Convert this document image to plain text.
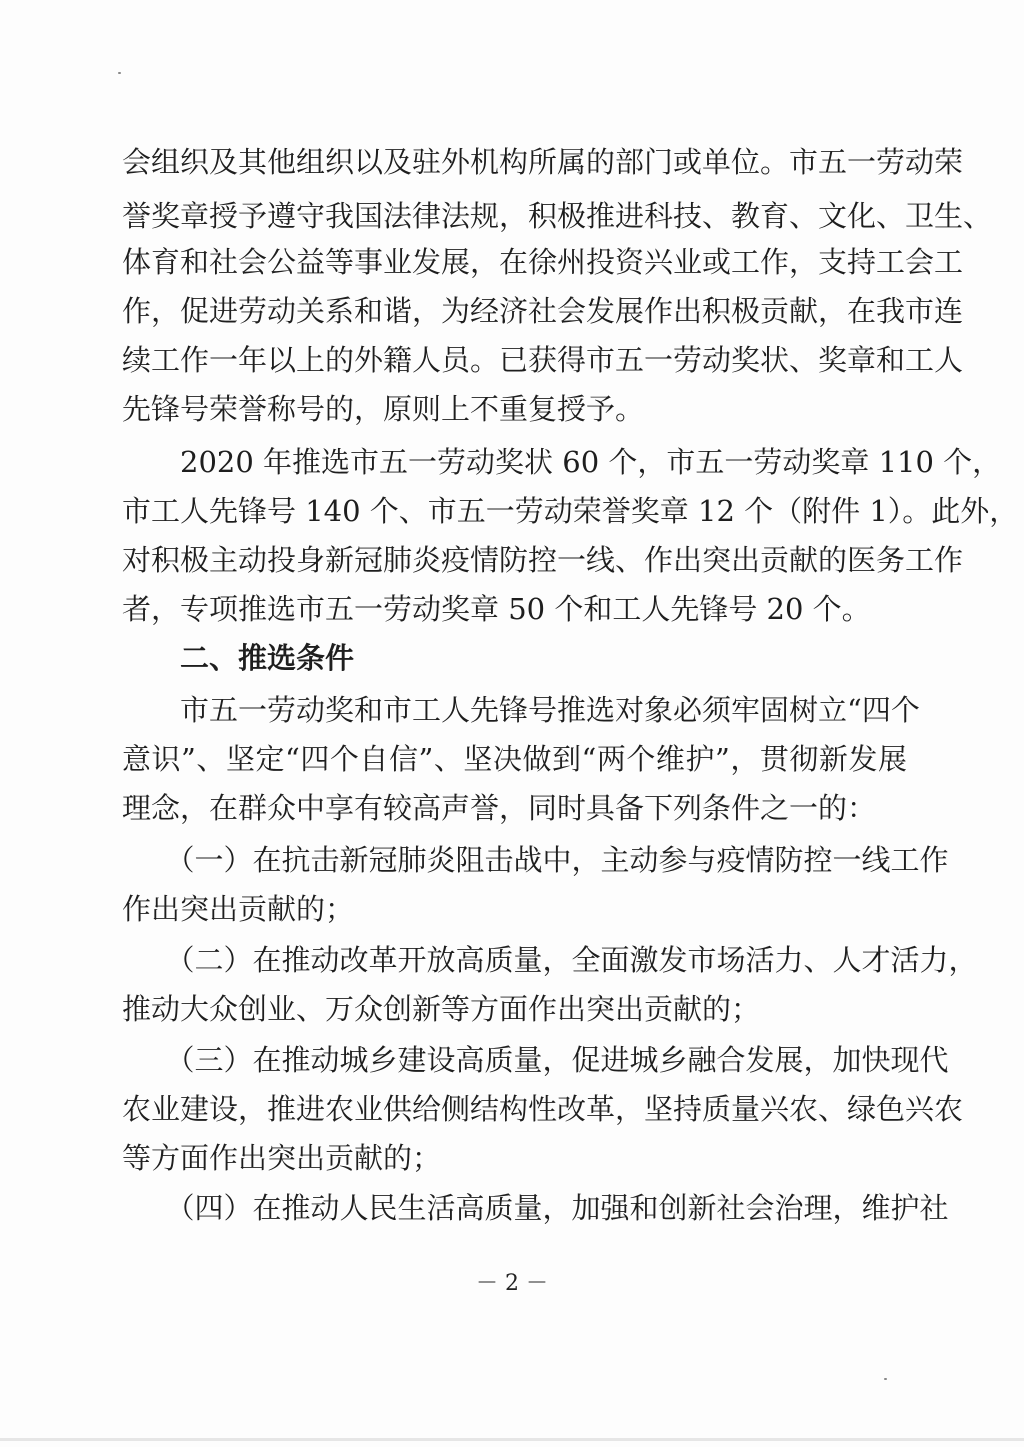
会组织及其他组织以及驻外机构所属的部门或单位。市五一劳动荣
誉奖章授予遵守我国法律法规，积极推进科技、教育、文化、卫生、
体育和社会公益等事业发展，在徐州投资兴业或工作，支持工会工
作，促进劳动关系和谐，为经济社会发展作出积极贡献，在我市连
续工作一年以上的外籍人员。已获得市五一劳动奖状、奖章和工人
先锋号荣誉称号的，原则上不重复授予。
　　2020 年推选市五一劳动奖状 60 个，市五一劳动奖章 110 个，
市工人先锋号 140 个、市五一劳动荣誉奖章 12 个（附件 1）。此外，
对积极主动投身新冠肺炎疫情防控一线、作出突出贡献的医务工作
者，专项推选市五一劳动奖章 50 个和工人先锋号 20 个。
　　二、推选条件
　　市五一劳动奖和市工人先锋号推选对象必须牢固树立“四个
意识”、坚定“四个自信”、坚决做到“两个维护”，贯彻新发展
理念，在群众中享有较高声誉，同时具备下列条件之一的：
　　（一）在抗击新冠肺炎阻击战中，主动参与疫情防控一线工作
作出突出贡献的；
　　（二）在推动改革开放高质量，全面激发市场活力、人才活力，
推动大众创业、万众创新等方面作出突出贡献的；
　　（三）在推动城乡建设高质量，促进城乡融合发展，加快现代
农业建设，推进农业供给侧结构性改革，坚持质量兴农、绿色兴农
等方面作出突出贡献的；
　　（四）在推动人民生活高质量，加强和创新社会治理，维护社
－ 2 －
